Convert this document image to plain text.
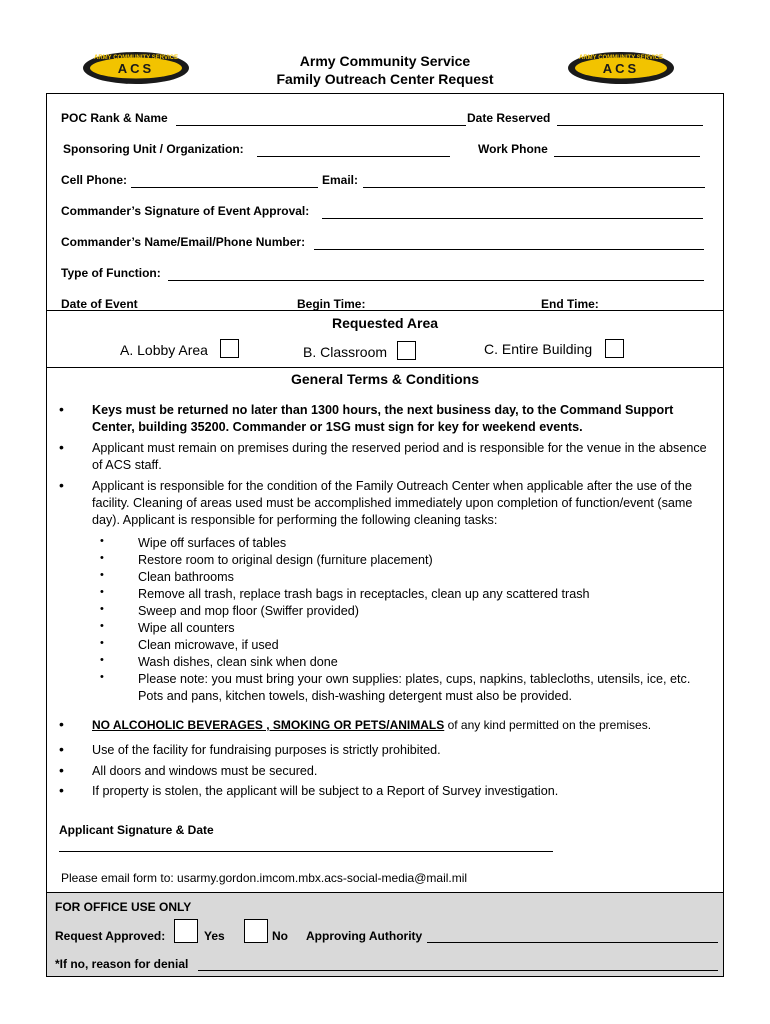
ARMY COMMUNITY SERVICE
ACS
ARMY COMMUNITY SERVICE
ACS
Army Community Service
Family Outreach Center Request
POC Rank & Name	Date Reserved
Sponsoring Unit / Organization:	Work Phone
Cell Phone:	Email:
Commander’s Signature of Event Approval:
Commander’s Name/Email/Phone Number:
Type of Function:
Date of Event	Begin Time:	End Time:
Requested Area
A. Lobby Area	B. Classroom	C. Entire Building
General Terms & Conditions
• Keys must be returned no later than 1300 hours, the next business day, to the Command Support Center, building 35200. Commander or 1SG must sign for key for weekend events.
• Applicant must remain on premises during the reserved period and is responsible for the venue in the absence of ACS staff.
• Applicant is responsible for the condition of the Family Outreach Center when applicable after the use of the facility. Cleaning of areas used must be accomplished immediately upon completion of function/event (same day). Applicant is responsible for performing the following cleaning tasks:
•	Wipe off surfaces of tables
•	Restore room to original design (furniture placement)
•	Clean bathrooms
•	Remove all trash, replace trash bags in receptacles, clean up any scattered trash
•	Sweep and mop floor (Swiffer provided)
•	Wipe all counters
•	Clean microwave, if used
•	Wash dishes, clean sink when done
•	Please note: you must bring your own supplies: plates, cups, napkins, tablecloths, utensils, ice, etc. Pots and pans, kitchen towels, dish-washing detergent must also be provided.
• NO ALCOHOLIC BEVERAGES , SMOKING OR PETS/ANIMALS of any kind permitted on the premises.
• Use of the facility for fundraising purposes is strictly prohibited.
• All doors and windows must be secured.
• If property is stolen, the applicant will be subject to a Report of Survey investigation.
Applicant Signature & Date
Please email form to: usarmy.gordon.imcom.mbx.acs-social-media@mail.mil
FOR OFFICE USE ONLY
Request Approved:	Yes	No Approving Authority
*If no, reason for denial
